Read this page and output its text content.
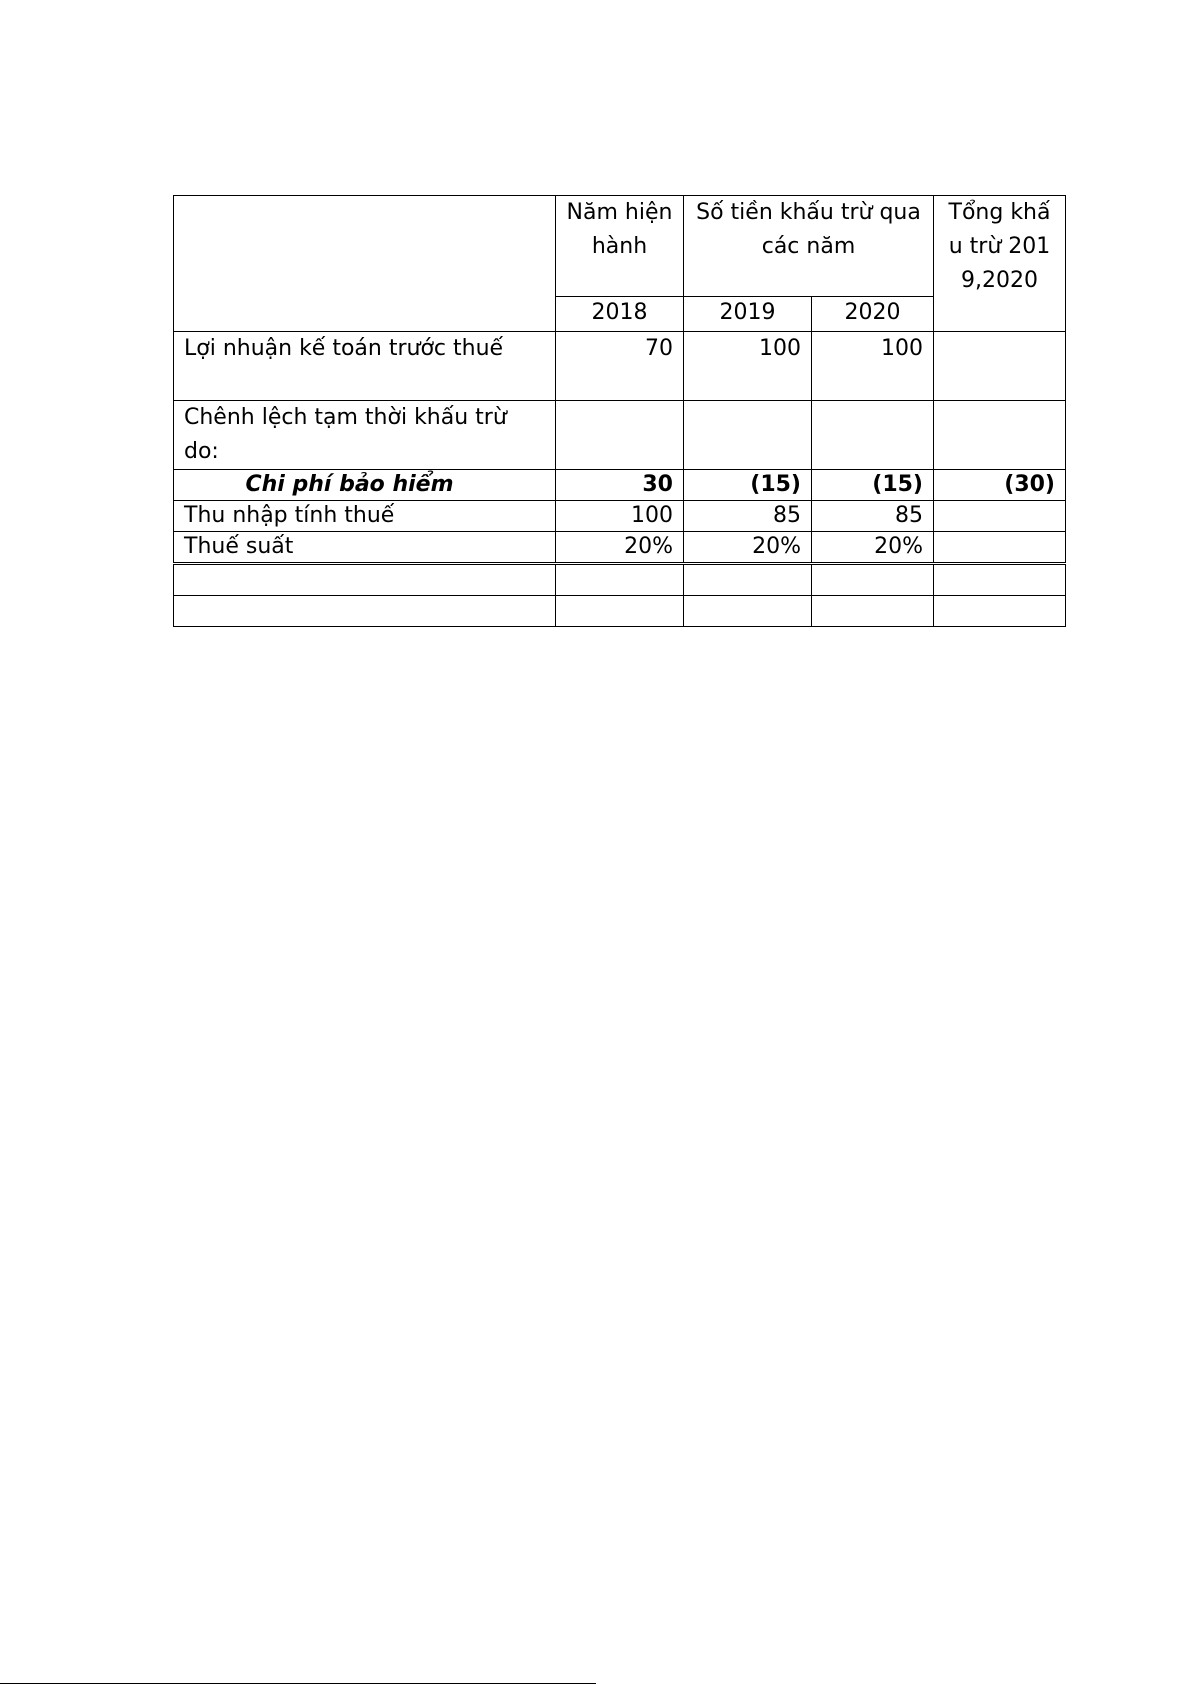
	Năm hiện hành	Số tiền khấu trừ qua các năm		Tổng khấu trừ 2019,2020
	2018	2019	2020	
Lợi nhuận kế toán trước thuế	70	100	100	
Chênh lệch tạm thời khấu trừ do:				
Chi phí bảo hiểm	30	(15)	(15)	(30)
Thu nhập tính thuế	100	85	85	
Thuế suất	20%	20%	20%	
